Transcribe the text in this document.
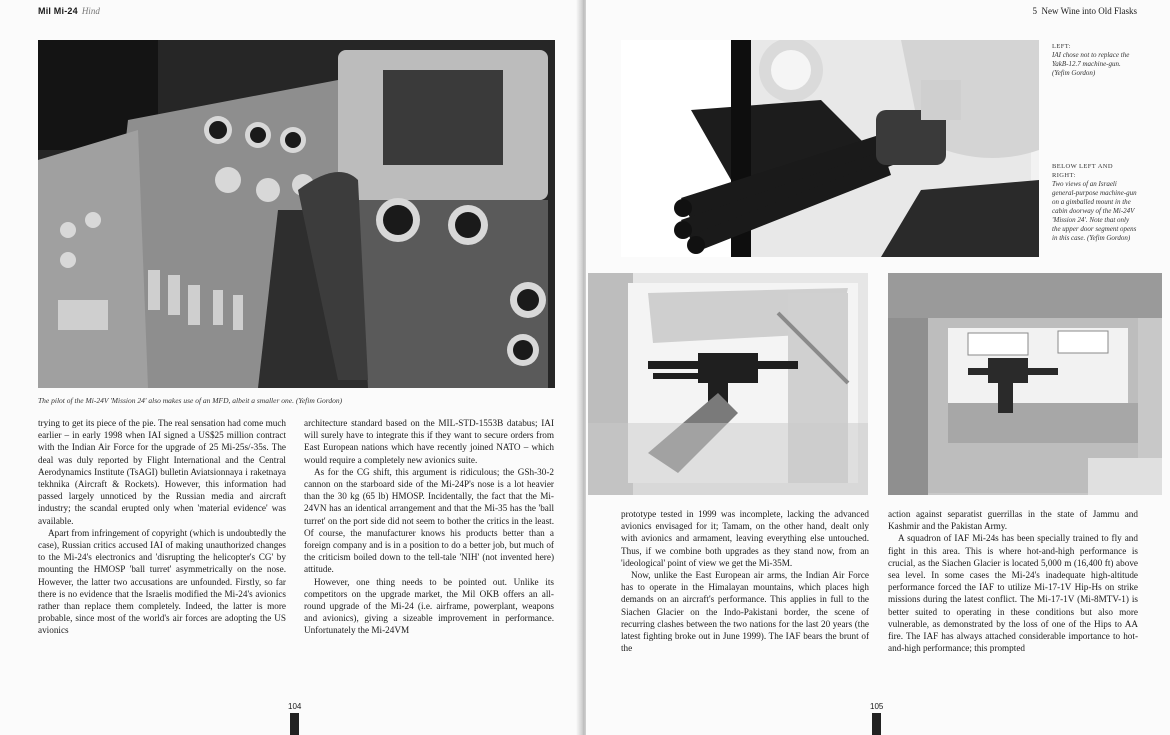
Mil Mi-24 Hind
The pilot of the Mi-24V 'Mission 24' also makes use of an MFD, albeit a smaller one. (Yefim Gordon)

trying to get its piece of the pie. The real sensation had come much earlier – in early 1998 when IAI signed a US$25 million contract with the Indian Air Force for the upgrade of 25 Mi-25s/-35s. The deal was duly reported by Flight International and the Central Aerodynamics Institute (TsAGI) bulletin Aviatsionnaya i raketnaya tekhnika (Aircraft & Rockets). However, this information had passed largely unnoticed by the Russian media and aircraft industry; the scandal erupted only when 'material evidence' was available.

Apart from infringement of copyright (which is undoubtedly the case), Russian critics accused IAI of making unauthorized changes to the Mi-24's electronics and 'disrupting the helicopter's CG' by mounting the HMOSP 'ball turret' asymmetrically on the nose. However, the latter two accusations are unfounded. Firstly, so far there is no evidence that the Israelis modified the Mi-24's avionics rather than replace them completely. Indeed, the latter is more probable, since most of the world's air forces are adopting the US avionics

architecture standard based on the MIL-STD-1553B databus; IAI will surely have to integrate this if they want to secure orders from East European nations which have recently joined NATO – which would require a completely new avionics suite.

As for the CG shift, this argument is ridiculous; the GSh-30-2 cannon on the starboard side of the Mi-24P's nose is a lot heavier than the 30 kg (65 lb) HMOSP. Incidentally, the fact that the Mi-24VN has an identical arrangement and that the Mi-35 has the 'ball turret' on the port side did not seem to bother the critics in the least. Of course, the manufacturer knows his products better than a foreign company and is in a position to do a better job, but much of the criticism boiled down to the tell-tale 'NIH' (not invented here) attitude.

However, one thing needs to be pointed out. Unlike its competitors on the upgrade market, the Mil OKB offers an all-round upgrade of the Mi-24 (i.e. airframe, powerplant, weapons and avionics), giving a sizeable improvement in performance. Unfortunately the Mi-24VM

104
5 New Wine into Old Flasks
LEFT:
IAI chose not to replace the YakB-12.7 machine-gun. (Yefim Gordon)
BELOW LEFT AND RIGHT:
Two views of an Israeli general-purpose machine-gun on a gimballed mount in the cabin doorway of the Mi-24V 'Mission 24'. Note that only the upper door segment opens in this case. (Yefim Gordon)

prototype tested in 1999 was incomplete, lacking the advanced avionics envisaged for it; Tamam, on the other hand, dealt only with avionics and armament, leaving everything else untouched. Thus, if we combine both upgrades as they stand now, from an 'ideological' point of view we get the Mi-35M.

Now, unlike the East European air arms, the Indian Air Force has to operate in the Himalayan mountains, which places high demands on an aircraft's performance. This applies in full to the Siachen Glacier on the Indo-Pakistani border, the scene of recurring clashes between the two nations for the last 20 years (the latest fighting broke out in June 1999). The IAF bears the brunt of the

action against separatist guerrillas in the state of Jammu and Kashmir and the Pakistan Army.

A squadron of IAF Mi-24s has been specially trained to fly and fight in this area. This is where hot-and-high performance is crucial, as the Siachen Glacier is located 5,000 m (16,400 ft) above sea level. In some cases the Mi-24's inadequate high-altitude performance forced the IAF to utilize Mi-17-1V Hip-Hs on strike missions during the latest conflict. The Mi-17-1V (Mi-8MTV-1) is better suited to operating in these conditions but also more vulnerable, as demonstrated by the loss of one of the Hips to AA fire. The IAF has always attached considerable importance to hot-and-high performance; this prompted

105
